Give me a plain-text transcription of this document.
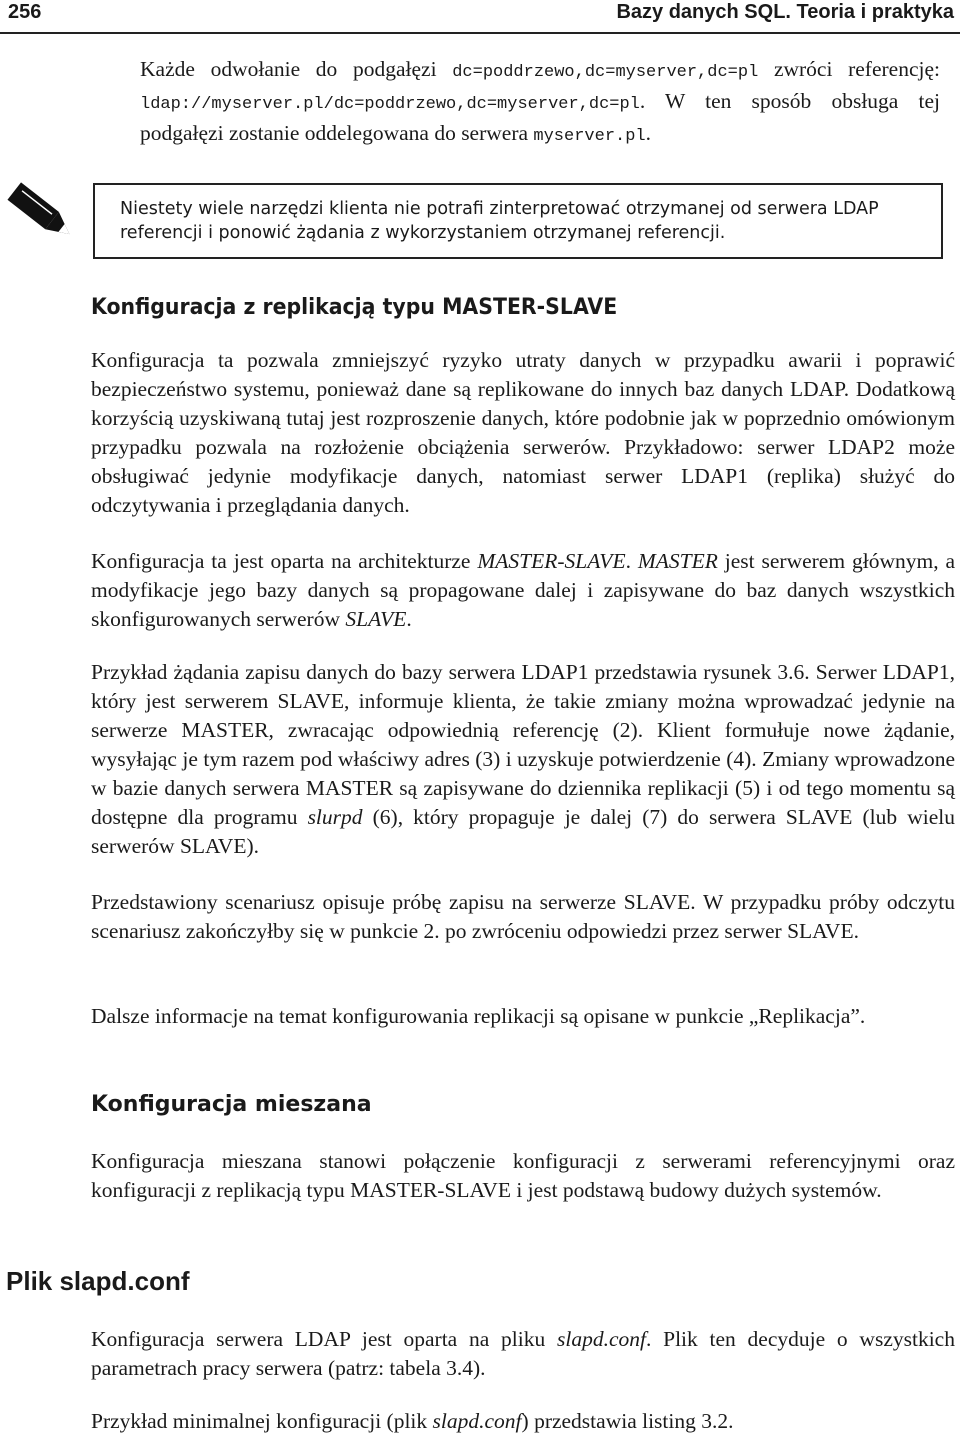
256	Bazy danych SQL. Teoria i praktyka

Każde odwołanie do podgałęzi dc=poddrzewo,dc=myserver,dc=pl zwróci referencję: ldap://myserver.pl/dc=poddrzewo,dc=myserver,dc=pl. W ten sposób obsługa tej podgałęzi zostanie oddelegowana do serwera myserver.pl.

Niestety wiele narzędzi klienta nie potrafi zinterpretować otrzymanej od serwera LDAP referencji i ponowić żądania z wykorzystaniem otrzymanej referencji.

Konfiguracja z replikacją typu MASTER-SLAVE

Konfiguracja ta pozwala zmniejszyć ryzyko utraty danych w przypadku awarii i poprawić bezpieczeństwo systemu, ponieważ dane są replikowane do innych baz danych LDAP. Dodatkową korzyścią uzyskiwaną tutaj jest rozproszenie danych, które podobnie jak w poprzednio omówionym przypadku pozwala na rozłożenie obciążenia serwerów. Przykładowo: serwer LDAP2 może obsługiwać jedynie modyfikacje danych, natomiast serwer LDAP1 (replika) służyć do odczytywania i przeglądania danych.

Konfiguracja ta jest oparta na architekturze MASTER-SLAVE. MASTER jest serwerem głównym, a modyfikacje jego bazy danych są propagowane dalej i zapisywane do baz danych wszystkich skonfigurowanych serwerów SLAVE.

Przykład żądania zapisu danych do bazy serwera LDAP1 przedstawia rysunek 3.6. Serwer LDAP1, który jest serwerem SLAVE, informuje klienta, że takie zmiany można wprowadzać jedynie na serwerze MASTER, zwracając odpowiednią referencję (2). Klient formułuje nowe żądanie, wysyłając je tym razem pod właściwy adres (3) i uzyskuje potwierdzenie (4). Zmiany wprowadzone w bazie danych serwera MASTER są zapisywane do dziennika replikacji (5) i od tego momentu są dostępne dla programu slurpd (6), który propaguje je dalej (7) do serwera SLAVE (lub wielu serwerów SLAVE).

Przedstawiony scenariusz opisuje próbę zapisu na serwerze SLAVE. W przypadku próby odczytu scenariusz zakończyłby się w punkcie 2. po zwróceniu odpowiedzi przez serwer SLAVE.

Dalsze informacje na temat konfigurowania replikacji są opisane w punkcie „Replikacja”.

Konfiguracja mieszana

Konfiguracja mieszana stanowi połączenie konfiguracji z serwerami referencyjnymi oraz konfiguracji z replikacją typu MASTER-SLAVE i jest podstawą budowy dużych systemów.

Plik slapd.conf

Konfiguracja serwera LDAP jest oparta na pliku slapd.conf. Plik ten decyduje o wszystkich parametrach pracy serwera (patrz: tabela 3.4).

Przykład minimalnej konfiguracji (plik slapd.conf) przedstawia listing 3.2.
